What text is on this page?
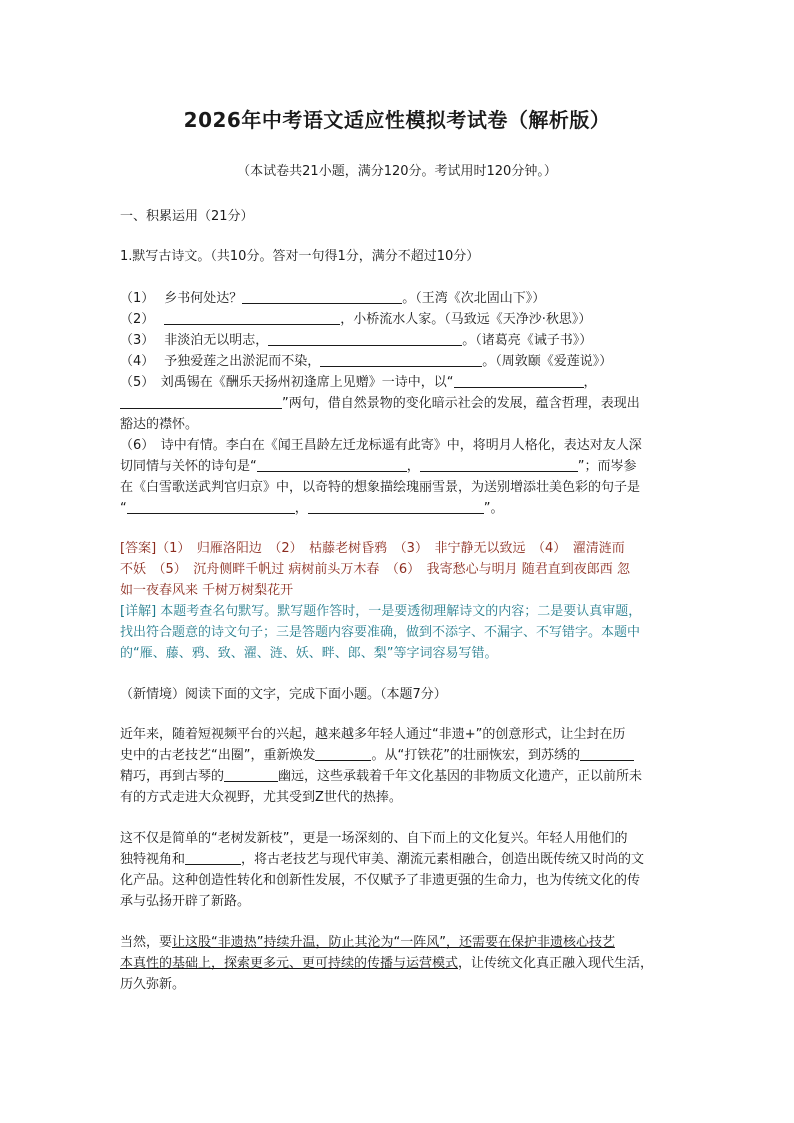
2026年中考语文适应性模拟考试卷（解析版）
（本试卷共21小题，满分120分。考试用时120分钟。）
一、积累运用（21分）
1.默写古诗文。（共10分。答对一句得1分，满分不超过10分）
（1） 乡书何处达？	。（王湾《次北固山下》）
（2）	，小桥流水人家。（马致远《天净沙·秋思》）
（3） 非淡泊无以明志，	。（诸葛亮《诫子书》）
（4） 予独爱莲之出淤泥而不染，	。（周敦颐《爱莲说》）
（5）　刘禹锡在《酬乐天扬州初逢席上见赠》一诗中，以“	，
”两句，借自然景物的变化暗示社会的发展，蕴含哲理，表现出
豁达的襟怀。
（6）　诗中有情。李白在《闻王昌龄左迁龙标遥有此寄》中，将明月人格化，表达对友人深
切同情与关怀的诗句是“	，	”；而岑参
在《白雪歌送武判官归京》中，以奇特的想象描绘瑰丽雪景，为送别增添壮美色彩的句子是
“	，	”。
[答案]（1）　归雁洛阳边　（2）　枯藤老树昏鸦　（3）　非宁静无以致远　（4）　濯清涟而
不妖　（5）　沉舟侧畔千帆过 病树前头万木春　（6）　我寄愁心与明月 随君直到夜郎西 忽
如一夜春风来 千树万树梨花开
[详解] 本题考查名句默写。默写题作答时，一是要透彻理解诗文的内容；二是要认真审题，
找出符合题意的诗文句子；三是答题内容要准确，做到不添字、不漏字、不写错字。本题中
的“雁、藤、鸦、致、濯、涟、妖、畔、郎、梨”等字词容易写错。
（新情境）阅读下面的文字，完成下面小题。（本题7分）
近年来，随着短视频平台的兴起，越来越多年轻人通过“非遗+”的创意形式，让尘封在历
史中的古老技艺“出圈”，重新焕发	。从“打铁花”的壮丽恢宏，到苏绣的
精巧，再到古琴的	幽远，这些承载着千年文化基因的非物质文化遗产，正以前所未
有的方式走进大众视野，尤其受到Z世代的热捧。
这不仅是简单的“老树发新枝”，更是一场深刻的、自下而上的文化复兴。年轻人用他们的
独特视角和	，将古老技艺与现代审美、潮流元素相融合，创造出既传统又时尚的文
化产品。这种创造性转化和创新性发展，不仅赋予了非遗更强的生命力，也为传统文化的传
承与弘扬开辟了新路。
当然，要让这股“非遗热”持续升温，防止其沦为“一阵风”，还需要在保护非遗核心技艺
本真性的基础上，探索更多元、更可持续的传播与运营模式，让传统文化真正融入现代生活，
历久弥新。
